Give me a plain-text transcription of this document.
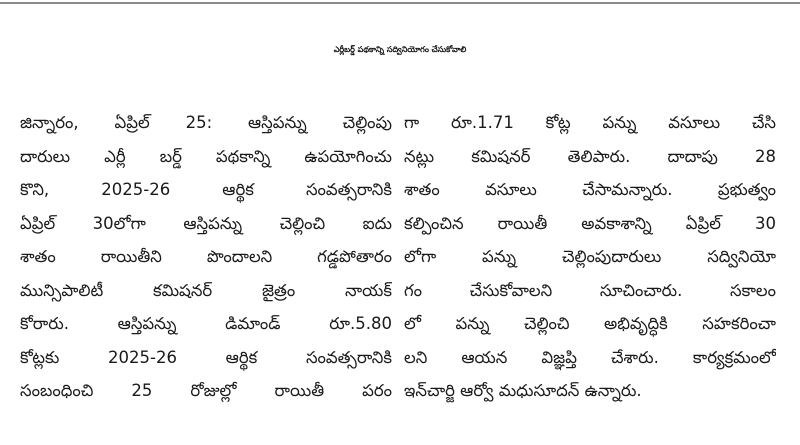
ఎర్లీబర్డ్ పథకాన్ని సద్వినియోగం చేసుకోవాలి
జిన్నారం, ఏప్రిల్ 25: ఆస్తిపన్ను చెల్లింపు
దారులు ఎర్లీ బర్డ్ పథకాన్ని ఉపయోగించు
కొని, 2025-26 ఆర్థిక సంవత్సరానికి
ఏప్రిల్ 30లోగా ఆస్తిపన్ను చెల్లించి ఐదు
శాతం రాయితీని పొందాలని గడ్డపోతారం
మున్సిపాలిటీ కమిషనర్ జైత్రం నాయక్
కోరారు. ఆస్తిపన్ను డిమాండ్ రూ.5.80
కోట్లకు 2025-26 ఆర్థిక సంవత్సరానికి
సంబంధించి 25 రోజుల్లో రాయితీ పరం
గా రూ.1.71 కోట్ల పన్ను వసూలు చేసి
నట్లు కమిషనర్ తెలిపారు. దాదాపు 28
శాతం వసూలు చేసామన్నారు. ప్రభుత్వం
కల్పించిన రాయితీ అవకాశాన్ని ఏప్రిల్ 30
లోగా పన్ను చెల్లింపుదారులు సద్వినియో
గం చేసుకోవాలని సూచించారు. సకాలం
లో పన్ను చెల్లించి అభివృద్ధికి సహకరించా
లని ఆయన విజ్ఞప్తి చేశారు. కార్యక్రమంలో
ఇన్‌చార్జి ఆర్వో మధుసూదన్ ఉన్నారు.
